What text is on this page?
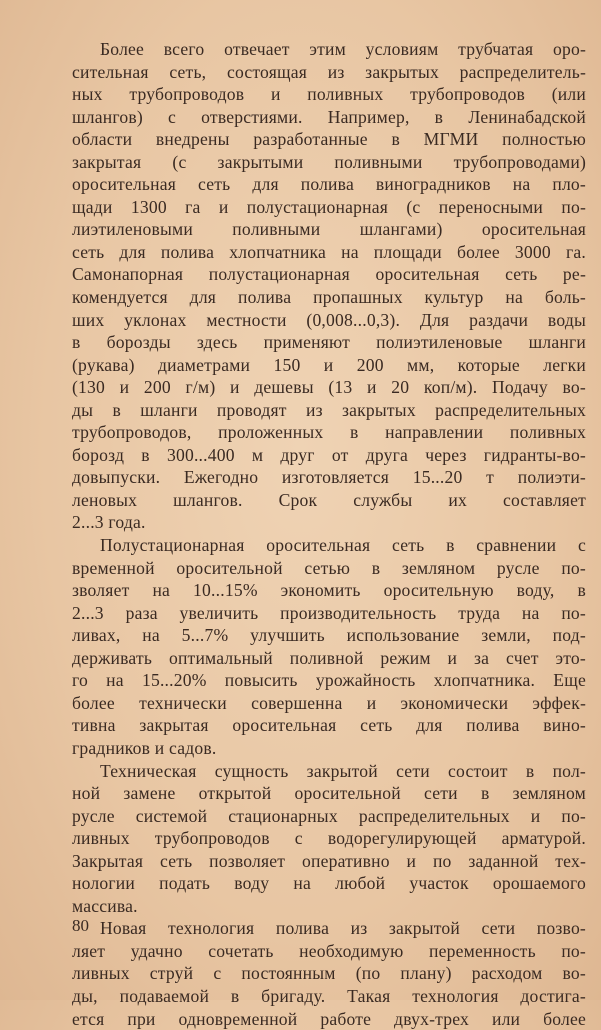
Более всего отвечает этим условиям трубчатая оро-
сительная сеть, состоящая из закрытых распределитель-
ных трубопроводов и поливных трубопроводов (или
шлангов) с отверстиями. Например, в Ленинабадской
области внедрены разработанные в МГМИ полностью
закрытая (с закрытыми поливными трубопроводами)
оросительная сеть для полива виноградников на пло-
щади 1300 га и полустационарная (с переносными по-
лиэтиленовыми поливными шлангами) оросительная
сеть для полива хлопчатника на площади более 3000 га.
Самонапорная полустационарная оросительная сеть ре-
комендуется для полива пропашных культур на боль-
ших уклонах местности (0,008...0,3). Для раздачи воды
в борозды здесь применяют полиэтиленовые шланги
(рукава) диаметрами 150 и 200 мм, которые легки
(130 и 200 г/м) и дешевы (13 и 20 коп/м). Подачу во-
ды в шланги проводят из закрытых распределительных
трубопроводов, проложенных в направлении поливных
борозд в 300...400 м друг от друга через гидранты-во-
довыпуски. Ежегодно изготовляется 15...20 т полиэти-
леновых шлангов. Срок службы их составляет
2...3 года.
Полустационарная оросительная сеть в сравнении с
временной оросительной сетью в земляном русле по-
зволяет на 10...15% экономить оросительную воду, в
2...3 раза увеличить производительность труда на по-
ливах, на 5...7% улучшить использование земли, под-
держивать оптимальный поливной режим и за счет это-
го на 15...20% повысить урожайность хлопчатника. Еще
более технически совершенна и экономически эффек-
тивна закрытая оросительная сеть для полива вино-
градников и садов.
Техническая сущность закрытой сети состоит в пол-
ной замене открытой оросительной сети в земляном
русле системой стационарных распределительных и по-
ливных трубопроводов с водорегулирующей арматурой.
Закрытая сеть позволяет оперативно и по заданной тех-
нологии подать воду на любой участок орошаемого
массива.
Новая технология полива из закрытой сети позво-
ляет удачно сочетать необходимую переменность по-
ливных струй с постоянным (по плану) расходом во-
ды, подаваемой в бригаду. Такая технология достига-
ется при одновременной работе двух-трех или более
80
